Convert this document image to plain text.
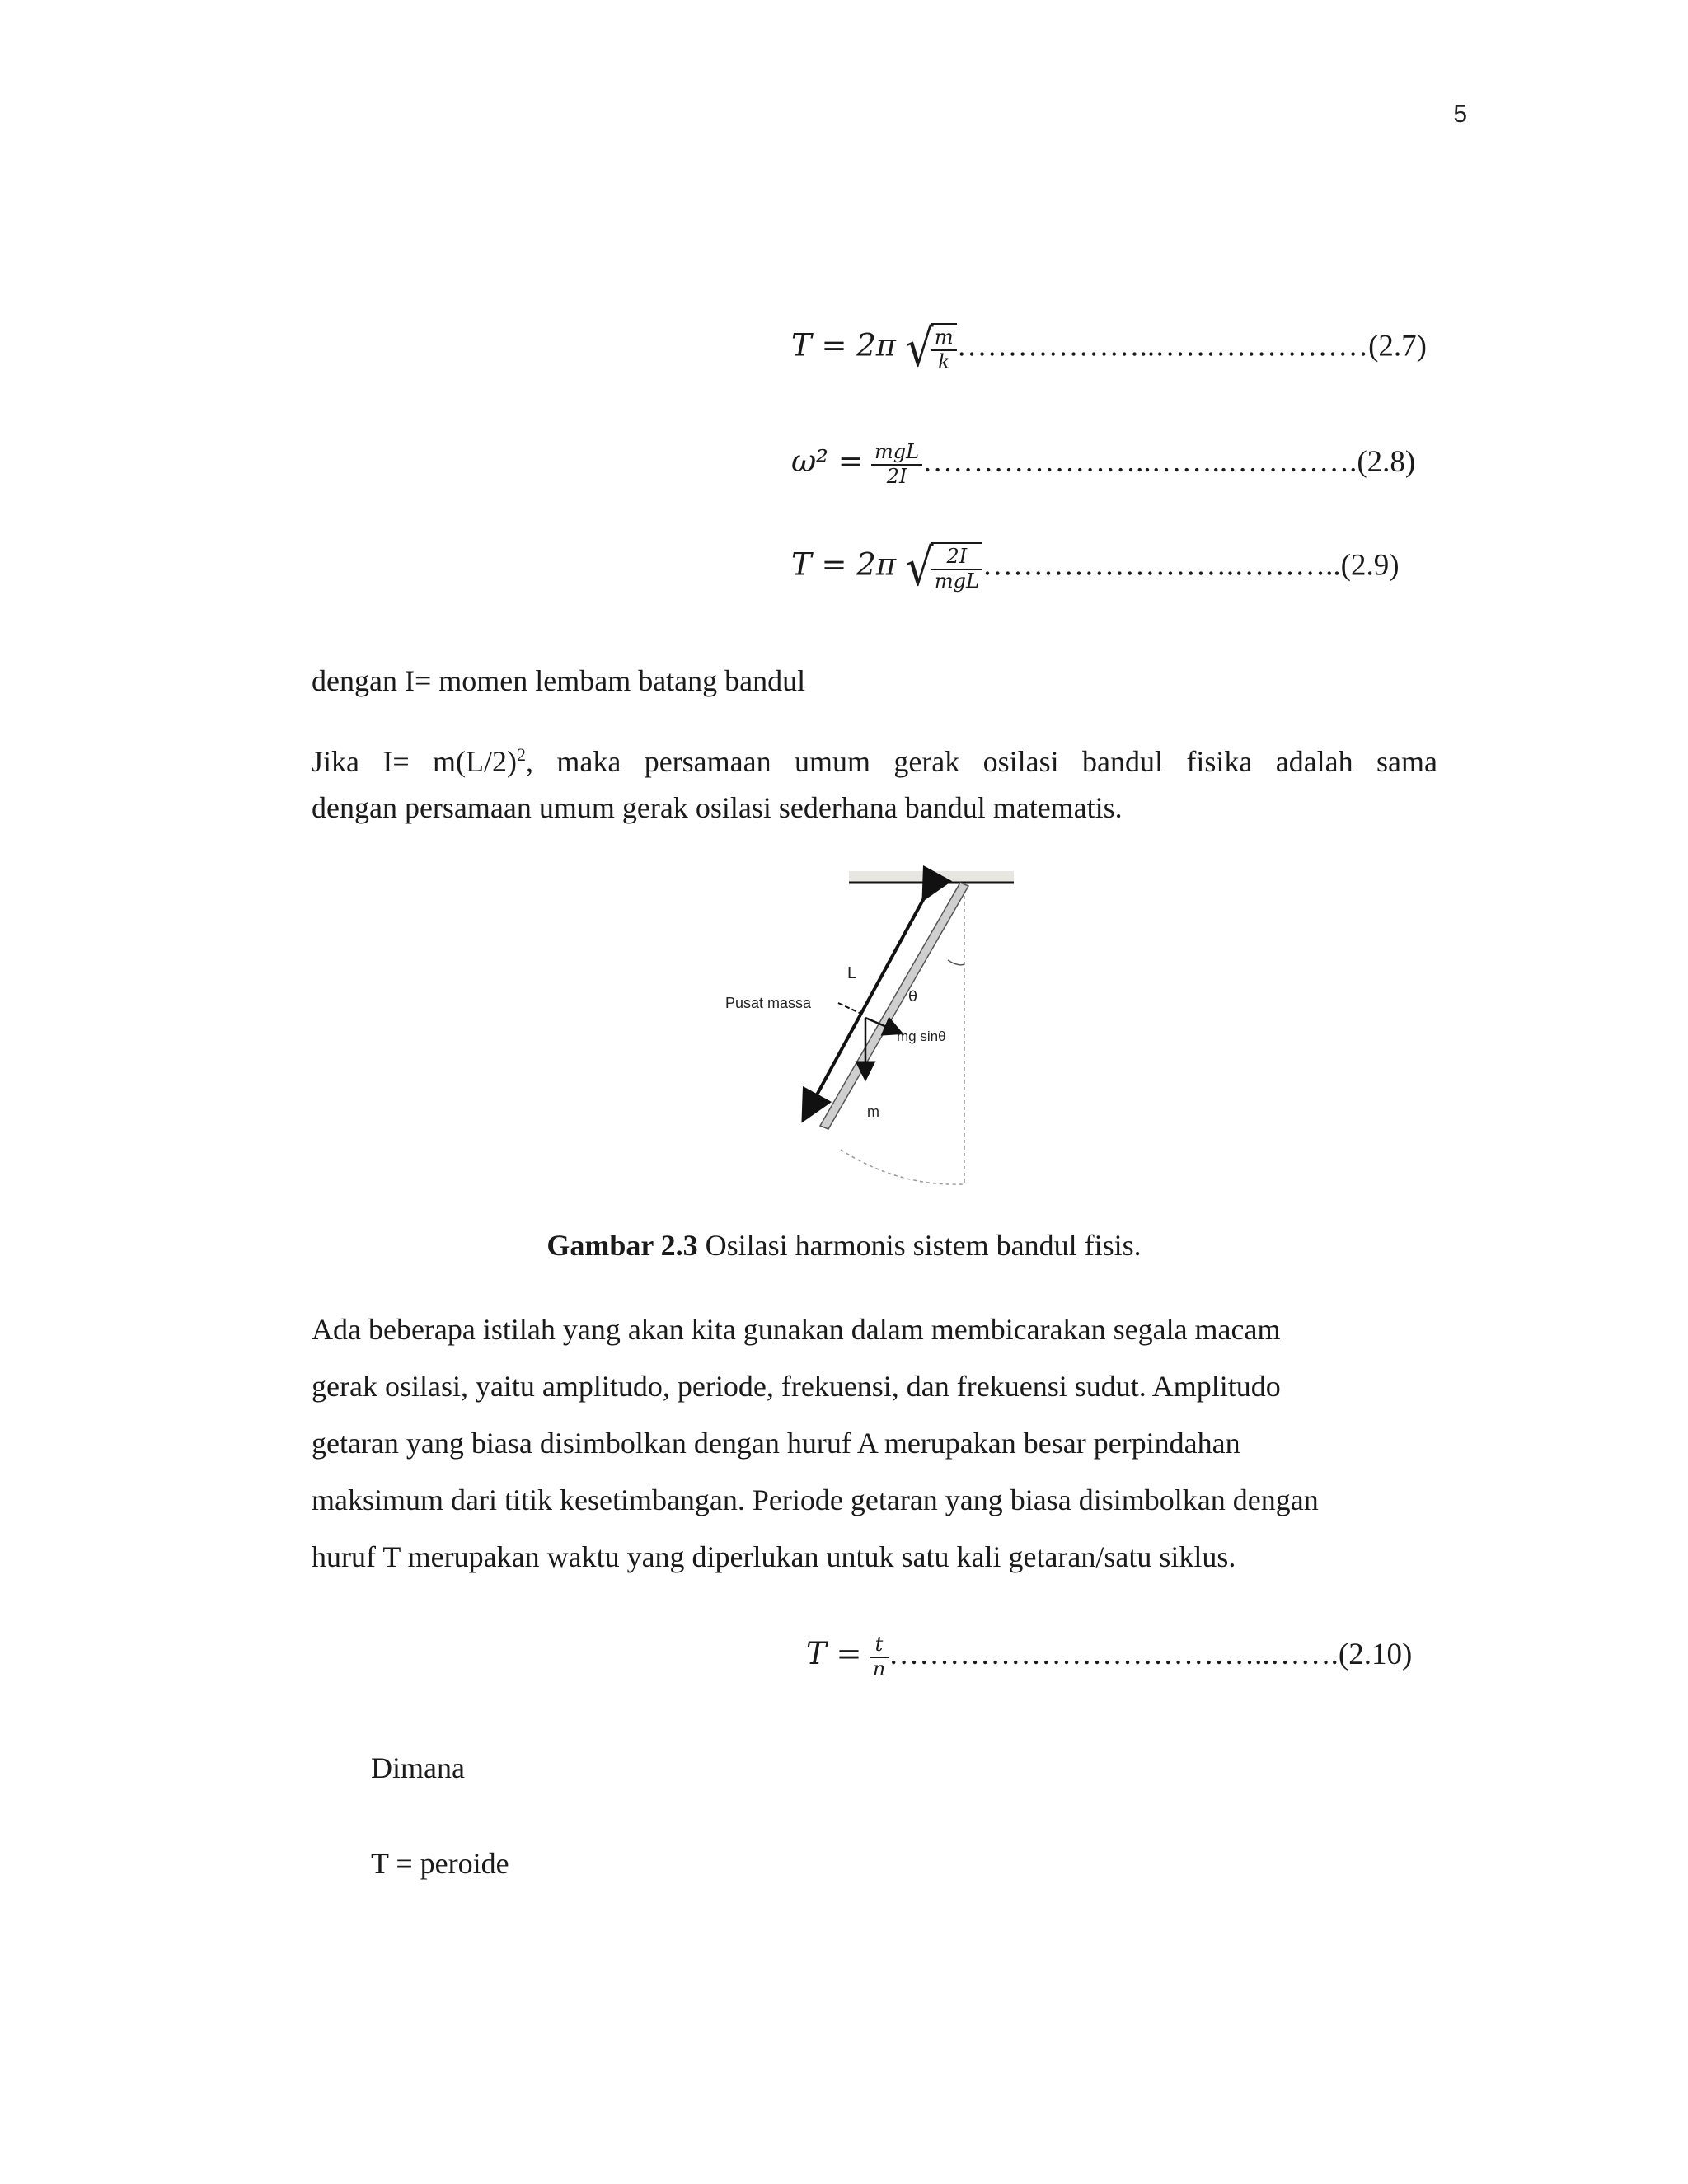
5
T = 2π √
$\frac{m}{k}$ ………………..…………………(2.7)
$\omega^2 = \frac{\text{mgL}}{2I}$ …………………..……..………….(2.8)
T = 2π √
$\frac{2I}{\text{mgL}}$ …………………….………..(2.9)
dengan I= momen lembam batang bandul
Jika $I= m(L/2)^2$, maka persamaan umum gerak osilasi bandul fisika adalah sama
dengan persamaan umum gerak osilasi sederhana bandul matematis.
Pusat massa
L
θ
mg sinθ
m
Gambar 2.3 Osilasi harmonis sistem bandul fisis.
Ada beberapa istilah yang akan kita gunakan dalam membicarakan segala macam
gerak osilasi, yaitu amplitudo, periode, frekuensi, dan frekuensi sudut. Amplitudo
getaran yang biasa disimbolkan dengan huruf A merupakan besar perpindahan
maksimum dari titik kesetimbangan. Periode getaran yang biasa disimbolkan dengan
huruf T merupakan waktu yang diperlukan untuk satu kali getaran/satu siklus.
$T = \frac{t}{n}$ ………………………………..…….(2.10)
Dimana
T = peroide
